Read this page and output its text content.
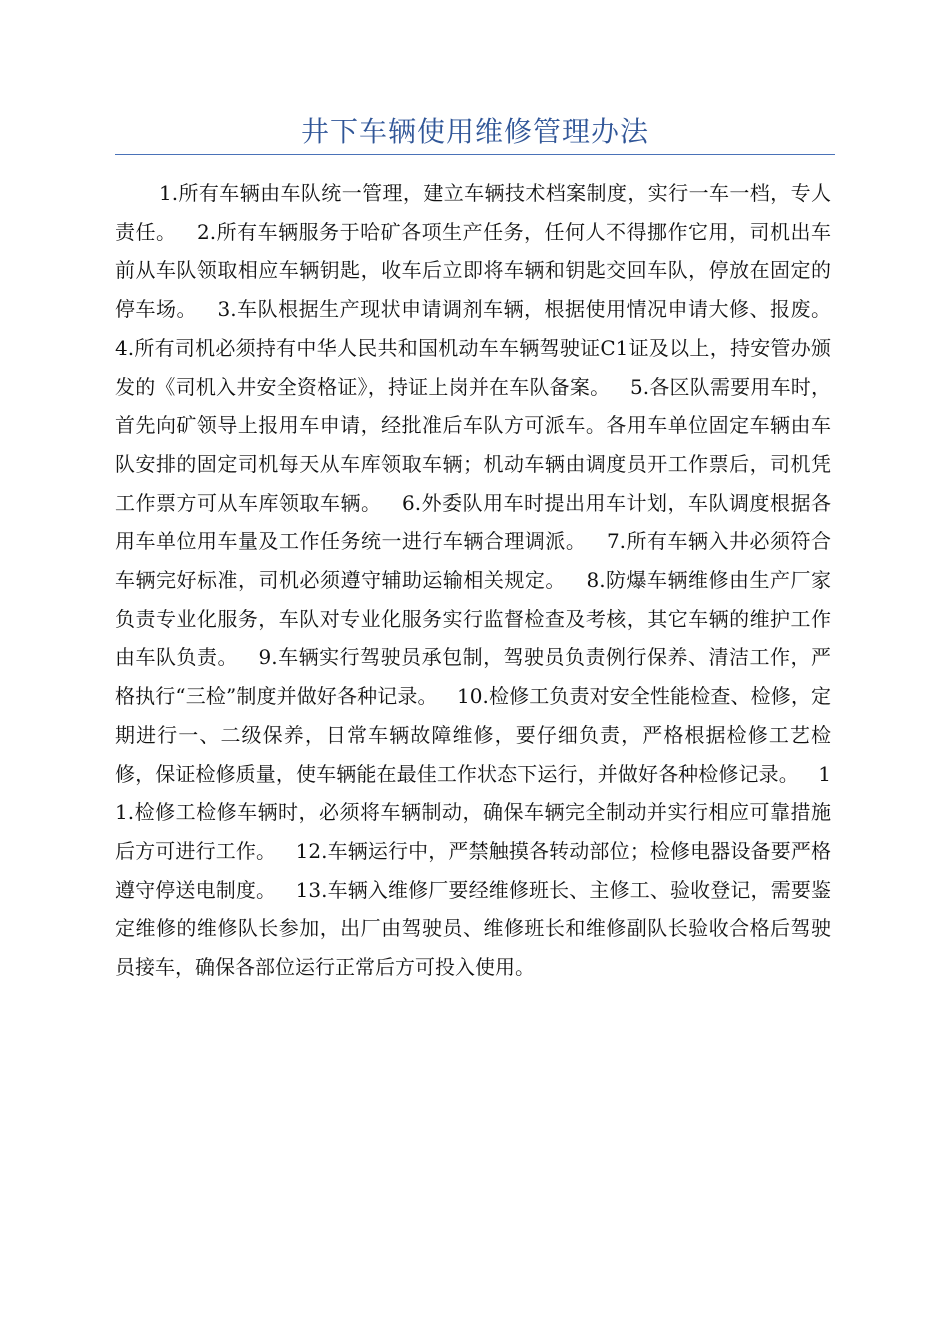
井下车辆使用维修管理办法

1.所有车辆由车队统一管理，建立车辆技术档案制度，实行一车一档，专人责任。   2.所有车辆服务于哈矿各项生产任务，任何人不得挪作它用，司机出车前从车队领取相应车辆钥匙，收车后立即将车辆和钥匙交回车队，停放在固定的停车场。   3.车队根据生产现状申请调剂车辆，根据使用情况申请大修、报废。   4.所有司机必须持有中华人民共和国机动车车辆驾驶证C1证及以上，持安管办颁发的《司机入井安全资格证》，持证上岗并在车队备案。   5.各区队需要用车时，首先向矿领导上报用车申请，经批准后车队方可派车。各用车单位固定车辆由车队安排的固定司机每天从车库领取车辆；机动车辆由调度员开工作票后，司机凭工作票方可从车库领取车辆。   6.外委队用车时提出用车计划，车队调度根据各用车单位用车量及工作任务统一进行车辆合理调派。   7.所有车辆入井必须符合车辆完好标准，司机必须遵守辅助运输相关规定。   8.防爆车辆维修由生产厂家负责专业化服务，车队对专业化服务实行监督检查及考核，其它车辆的维护工作由车队负责。   9.车辆实行驾驶员承包制，驾驶员负责例行保养、清洁工作，严格执行“三检”制度并做好各种记录。   10.检修工负责对安全性能检查、检修，定期进行一、二级保养，日常车辆故障维修，要仔细负责，严格根据检修工艺检修，保证检修质量，使车辆能在最佳工作状态下运行，并做好各种检修记录。   11.检修工检修车辆时，必须将车辆制动，确保车辆完全制动并实行相应可靠措施后方可进行工作。   12.车辆运行中，严禁触摸各转动部位；检修电器设备要严格遵守停送电制度。   13.车辆入维修厂要经维修班长、主修工、验收登记，需要鉴定维修的维修队长参加，出厂由驾驶员、维修班长和维修副队长验收合格后驾驶员接车，确保各部位运行正常后方可投入使用。
